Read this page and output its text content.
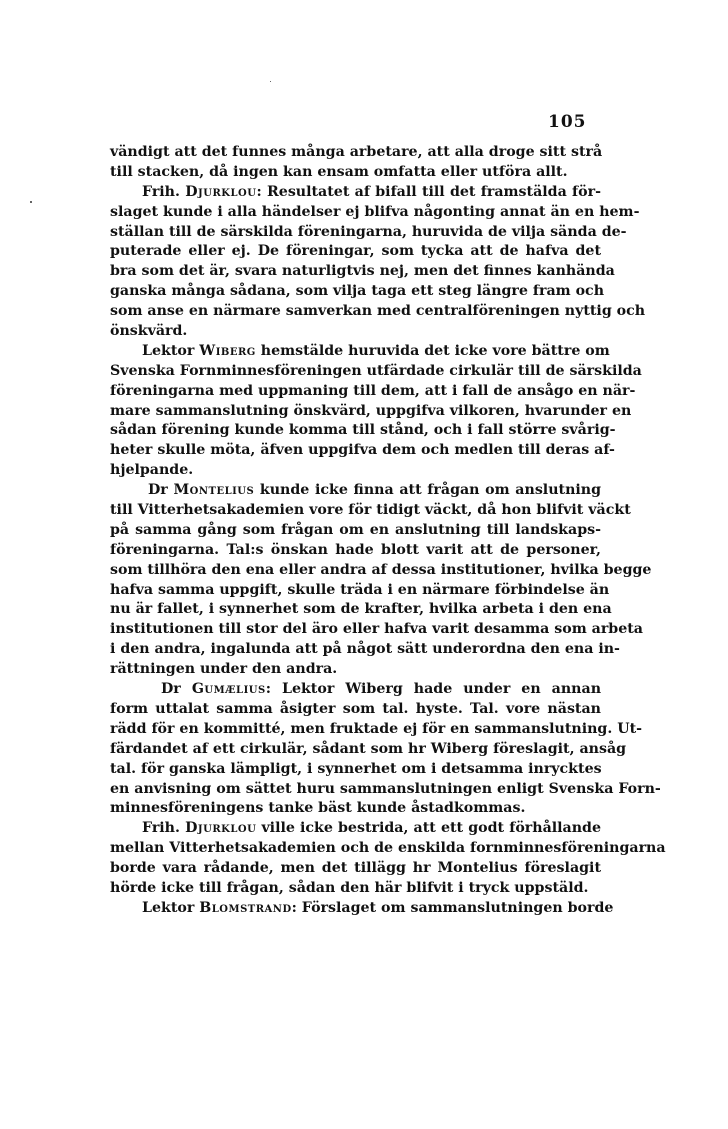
105
vändigt att det funnes många arbetare, att alla droge sitt strå
till stacken, då ingen kan ensam omfatta eller utföra allt.
Frih. Djurklou: Resultatet af bifall till det framstälda för-
slaget kunde i alla händelser ej blifva någonting annat än en hem-
ställan till de särskilda föreningarna, huruvida de vilja sända de-
puterade eller ej. De föreningar, som tycka att de hafva det
bra som det är, svara naturligtvis nej, men det finnes kanhända
ganska många sådana, som vilja taga ett steg längre fram och
som anse en närmare samverkan med centralföreningen nyttig och
önskvärd.
Lektor Wiberg hemstälde huruvida det icke vore bättre om
Svenska Fornminnesföreningen utfärdade cirkulär till de särskilda
föreningarna med uppmaning till dem, att i fall de ansågo en när-
mare sammanslutning önskvärd, uppgifva vilkoren, hvarunder en
sådan förening kunde komma till stånd, och i fall större svårig-
heter skulle möta, äfven uppgifva dem och medlen till deras af-
hjelpande.
Dr Montelius kunde icke finna att frågan om anslutning
till Vitterhetsakademien vore för tidigt väckt, då hon blifvit väckt
på samma gång som frågan om en anslutning till landskaps-
föreningarna. Tal:s önskan hade blott varit att de personer,
som tillhöra den ena eller andra af dessa institutioner, hvilka begge
hafva samma uppgift, skulle träda i en närmare förbindelse än
nu är fallet, i synnerhet som de krafter, hvilka arbeta i den ena
institutionen till stor del äro eller hafva varit desamma som arbeta
i den andra, ingalunda att på något sätt underordna den ena in-
rättningen under den andra.
Dr Gumælius: Lektor Wiberg hade under en annan
form uttalat samma åsigter som tal. hyste. Tal. vore nästan
rädd för en kommitté, men fruktade ej för en sammanslutning. Ut-
färdandet af ett cirkulär, sådant som hr Wiberg föreslagit, ansåg
tal. för ganska lämpligt, i synnerhet om i detsamma inrycktes
en anvisning om sättet huru sammanslutningen enligt Svenska Forn-
minnesföreningens tanke bäst kunde åstadkommas.
Frih. Djurklou ville icke bestrida, att ett godt förhållande
mellan Vitterhetsakademien och de enskilda fornminnesföreningarna
borde vara rådande, men det tillägg hr Montelius föreslagit
hörde icke till frågan, sådan den här blifvit i tryck uppstäld.
Lektor Blomstrand: Förslaget om sammanslutningen borde
